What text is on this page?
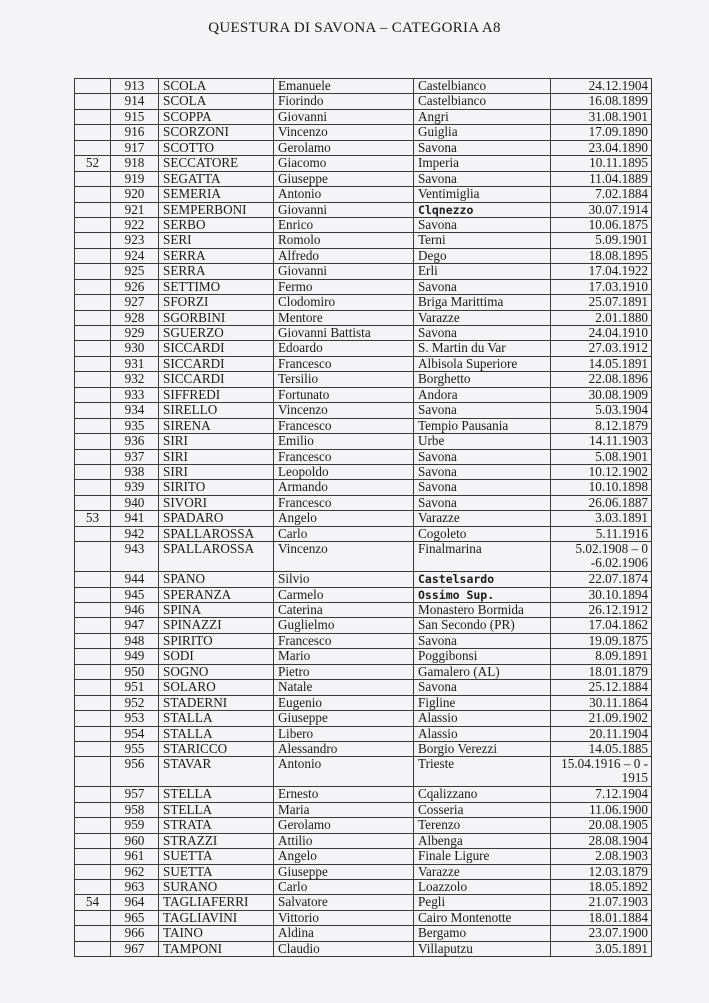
QUESTURA DI SAVONA – CATEGORIA A8
	913	SCOLA	Emanuele	Castelbianco	24.12.1904
	914	SCOLA	Fiorindo	Castelbianco	16.08.1899
	915	SCOPPA	Giovanni	Angri	31.08.1901
	916	SCORZONI	Vincenzo	Guiglia	17.09.1890
	917	SCOTTO	Gerolamo	Savona	23.04.1890
52	918	SECCATORE	Giacomo	Imperia	10.11.1895
	919	SEGATTA	Giuseppe	Savona	11.04.1889
	920	SEMERIA	Antonio	Ventimiglia	7.02.1884
	921	SEMPERBONI	Giovanni	Clqnezzo	30.07.1914
	922	SERBO	Enrico	Savona	10.06.1875
	923	SERI	Romolo	Terni	5.09.1901
	924	SERRA	Alfredo	Dego	18.08.1895
	925	SERRA	Giovanni	Erli	17.04.1922
	926	SETTIMO	Fermo	Savona	17.03.1910
	927	SFORZI	Clodomiro	Briga Marittima	25.07.1891
	928	SGORBINI	Mentore	Varazze	2.01.1880
	929	SGUERZO	Giovanni Battista	Savona	24.04.1910
	930	SICCARDI	Edoardo	S. Martin du Var	27.03.1912
	931	SICCARDI	Francesco	Albisola Superiore	14.05.1891
	932	SICCARDI	Tersilio	Borghetto	22.08.1896
	933	SIFFREDI	Fortunato	Andora	30.08.1909
	934	SIRELLO	Vincenzo	Savona	5.03.1904
	935	SIRENA	Francesco	Tempio Pausania	8.12.1879
	936	SIRI	Emilio	Urbe	14.11.1903
	937	SIRI	Francesco	Savona	5.08.1901
	938	SIRI	Leopoldo	Savona	10.12.1902
	939	SIRITO	Armando	Savona	10.10.1898
	940	SIVORI	Francesco	Savona	26.06.1887
53	941	SPADARO	Angelo	Varazze	3.03.1891
	942	SPALLAROSSA	Carlo	Cogoleto	5.11.1916
	943	SPALLAROSSA	Vincenzo	Finalmarina	5.02.1908 – 0 -6.02.1906
	944	SPANO	Silvio	Castelsardo	22.07.1874
	945	SPERANZA	Carmelo	Ossimo Sup.	30.10.1894
	946	SPINA	Caterina	Monastero Bormida	26.12.1912
	947	SPINAZZI	Guglielmo	San Secondo (PR)	17.04.1862
	948	SPIRITO	Francesco	Savona	19.09.1875
	949	SODI	Mario	Poggibonsi	8.09.1891
	950	SOGNO	Pietro	Gamalero (AL)	18.01.1879
	951	SOLARO	Natale	Savona	25.12.1884
	952	STADERNI	Eugenio	Figline	30.11.1864
	953	STALLA	Giuseppe	Alassio	21.09.1902
	954	STALLA	Libero	Alassio	20.11.1904
	955	STARICCO	Alessandro	Borgio Verezzi	14.05.1885
	956	STAVAR	Antonio	Trieste	15.04.1916 – 0 - 1915
	957	STELLA	Ernesto	Cqalizzano	7.12.1904
	958	STELLA	Maria	Cosseria	11.06.1900
	959	STRATA	Gerolamo	Terenzo	20.08.1905
	960	STRAZZI	Attilio	Albenga	28.08.1904
	961	SUETTA	Angelo	Finale Ligure	2.08.1903
	962	SUETTA	Giuseppe	Varazze	12.03.1879
	963	SURANO	Carlo	Loazzolo	18.05.1892
54	964	TAGLIAFERRI	Salvatore	Pegli	21.07.1903
	965	TAGLIAVINI	Vittorio	Cairo Montenotte	18.01.1884
	966	TAINO	Aldina	Bergamo	23.07.1900
	967	TAMPONI	Claudio	Villaputzu	3.05.1891
